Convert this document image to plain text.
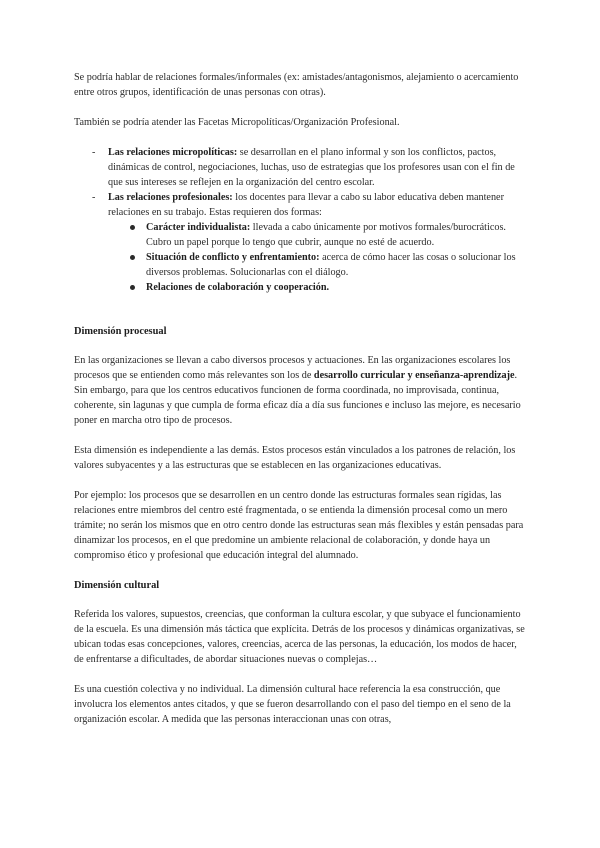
Se podría hablar de relaciones formales/informales (ex: amistades/antagonismos, alejamiento o acercamiento entre otros grupos, identificación de unas personas con otras).

También se podría atender las Facetas Micropolíticas/Organización Profesional.

- Las relaciones micropolíticas: se desarrollan en el plano informal y son los conflictos, pactos, dinámicas de control, negociaciones, luchas, uso de estrategias que los profesores usan con el fin de que sus intereses se reflejen en la organización del centro escolar.
- Las relaciones profesionales: los docentes para llevar a cabo su labor educativa deben mantener relaciones en su trabajo. Estas requieren dos formas:
Carácter individualista: llevada a cabo únicamente por motivos formales/burocráticos. Cubro un papel porque lo tengo que cubrir, aunque no esté de acuerdo.
Situación de conflicto y enfrentamiento: acerca de cómo hacer las cosas o solucionar los diversos problemas. Solucionarlas con el diálogo.
Relaciones de colaboración y cooperación.
Dimensión procesual

En las organizaciones se llevan a cabo diversos procesos y actuaciones. En las organizaciones escolares los procesos que se entienden como más relevantes son los de desarrollo curricular y enseñanza-aprendizaje. Sin embargo, para que los centros educativos funcionen de forma coordinada, no improvisada, continua, coherente, sin lagunas y que cumpla de forma eficaz día a día sus funciones e incluso las mejore, es necesario poner en marcha otro tipo de procesos.

Esta dimensión es independiente a las demás. Estos procesos están vinculados a los patrones de relación, los valores subyacentes y a las estructuras que se establecen en las organizaciones educativas.

Por ejemplo: los procesos que se desarrollen en un centro donde las estructuras formales sean rígidas, las relaciones entre miembros del centro esté fragmentada, o se entienda la dimensión procesal como un mero trámite; no serán los mismos que en otro centro donde las estructuras sean más flexibles y están pensadas para dinamizar los procesos, en el que predomine un ambiente relacional de colaboración, y donde haya un compromiso ético y profesional que educación integral del alumnado.

Dimensión cultural

Referida los valores, supuestos, creencias, que conforman la cultura escolar, y que subyace el funcionamiento de la escuela. Es una dimensión más táctica que explícita. Detrás de los procesos y dinámicas organizativas, se ubican todas esas concepciones, valores, creencias, acerca de las personas, la educación, los modos de hacer, de enfrentarse a dificultades, de abordar situaciones nuevas o complejas…

Es una cuestión colectiva y no individual. La dimensión cultural hace referencia la esa construcción, que involucra los elementos antes citados, y que se fueron desarrollando con el paso del tiempo en el seno de la organización escolar. A medida que las personas interaccionan unas con otras,
